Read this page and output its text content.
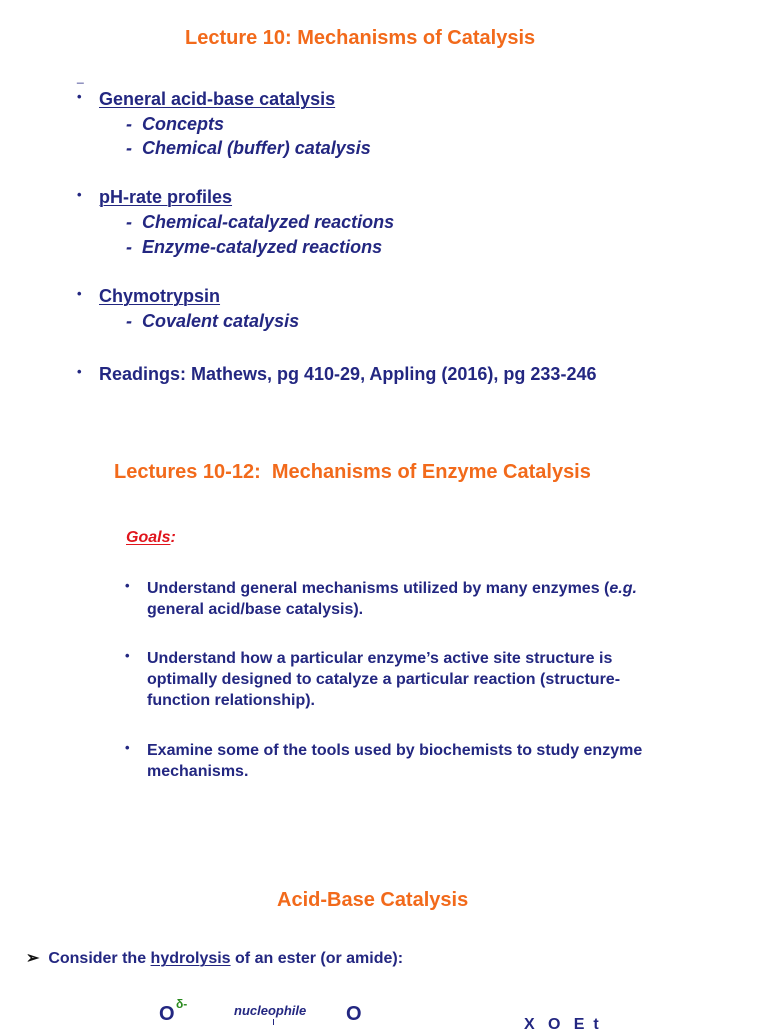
Lecture 10: Mechanisms of Catalysis
_
• General acid-base catalysis
- Concepts
- Chemical (buffer) catalysis
• pH-rate profiles
- Chemical-catalyzed reactions
- Enzyme-catalyzed reactions
• Chymotrypsin
- Covalent catalysis
• Readings: Mathews, pg 410-29, Appling (2016), pg 233-246
Lectures 10-12:  Mechanisms of Enzyme Catalysis
Goals:
• Understand general mechanisms utilized by many enzymes (e.g. general acid/base catalysis).
• Understand how a particular enzyme’s active site structure is optimally designed to catalyze a particular reaction (structure-function relationship).
• Examine some of the tools used by biochemists to study enzyme mechanisms.
Acid-Base Catalysis
➢ Consider the hydrolysis of an ester (or amide):
O δ-	nucleophile O	X   O   E  t
